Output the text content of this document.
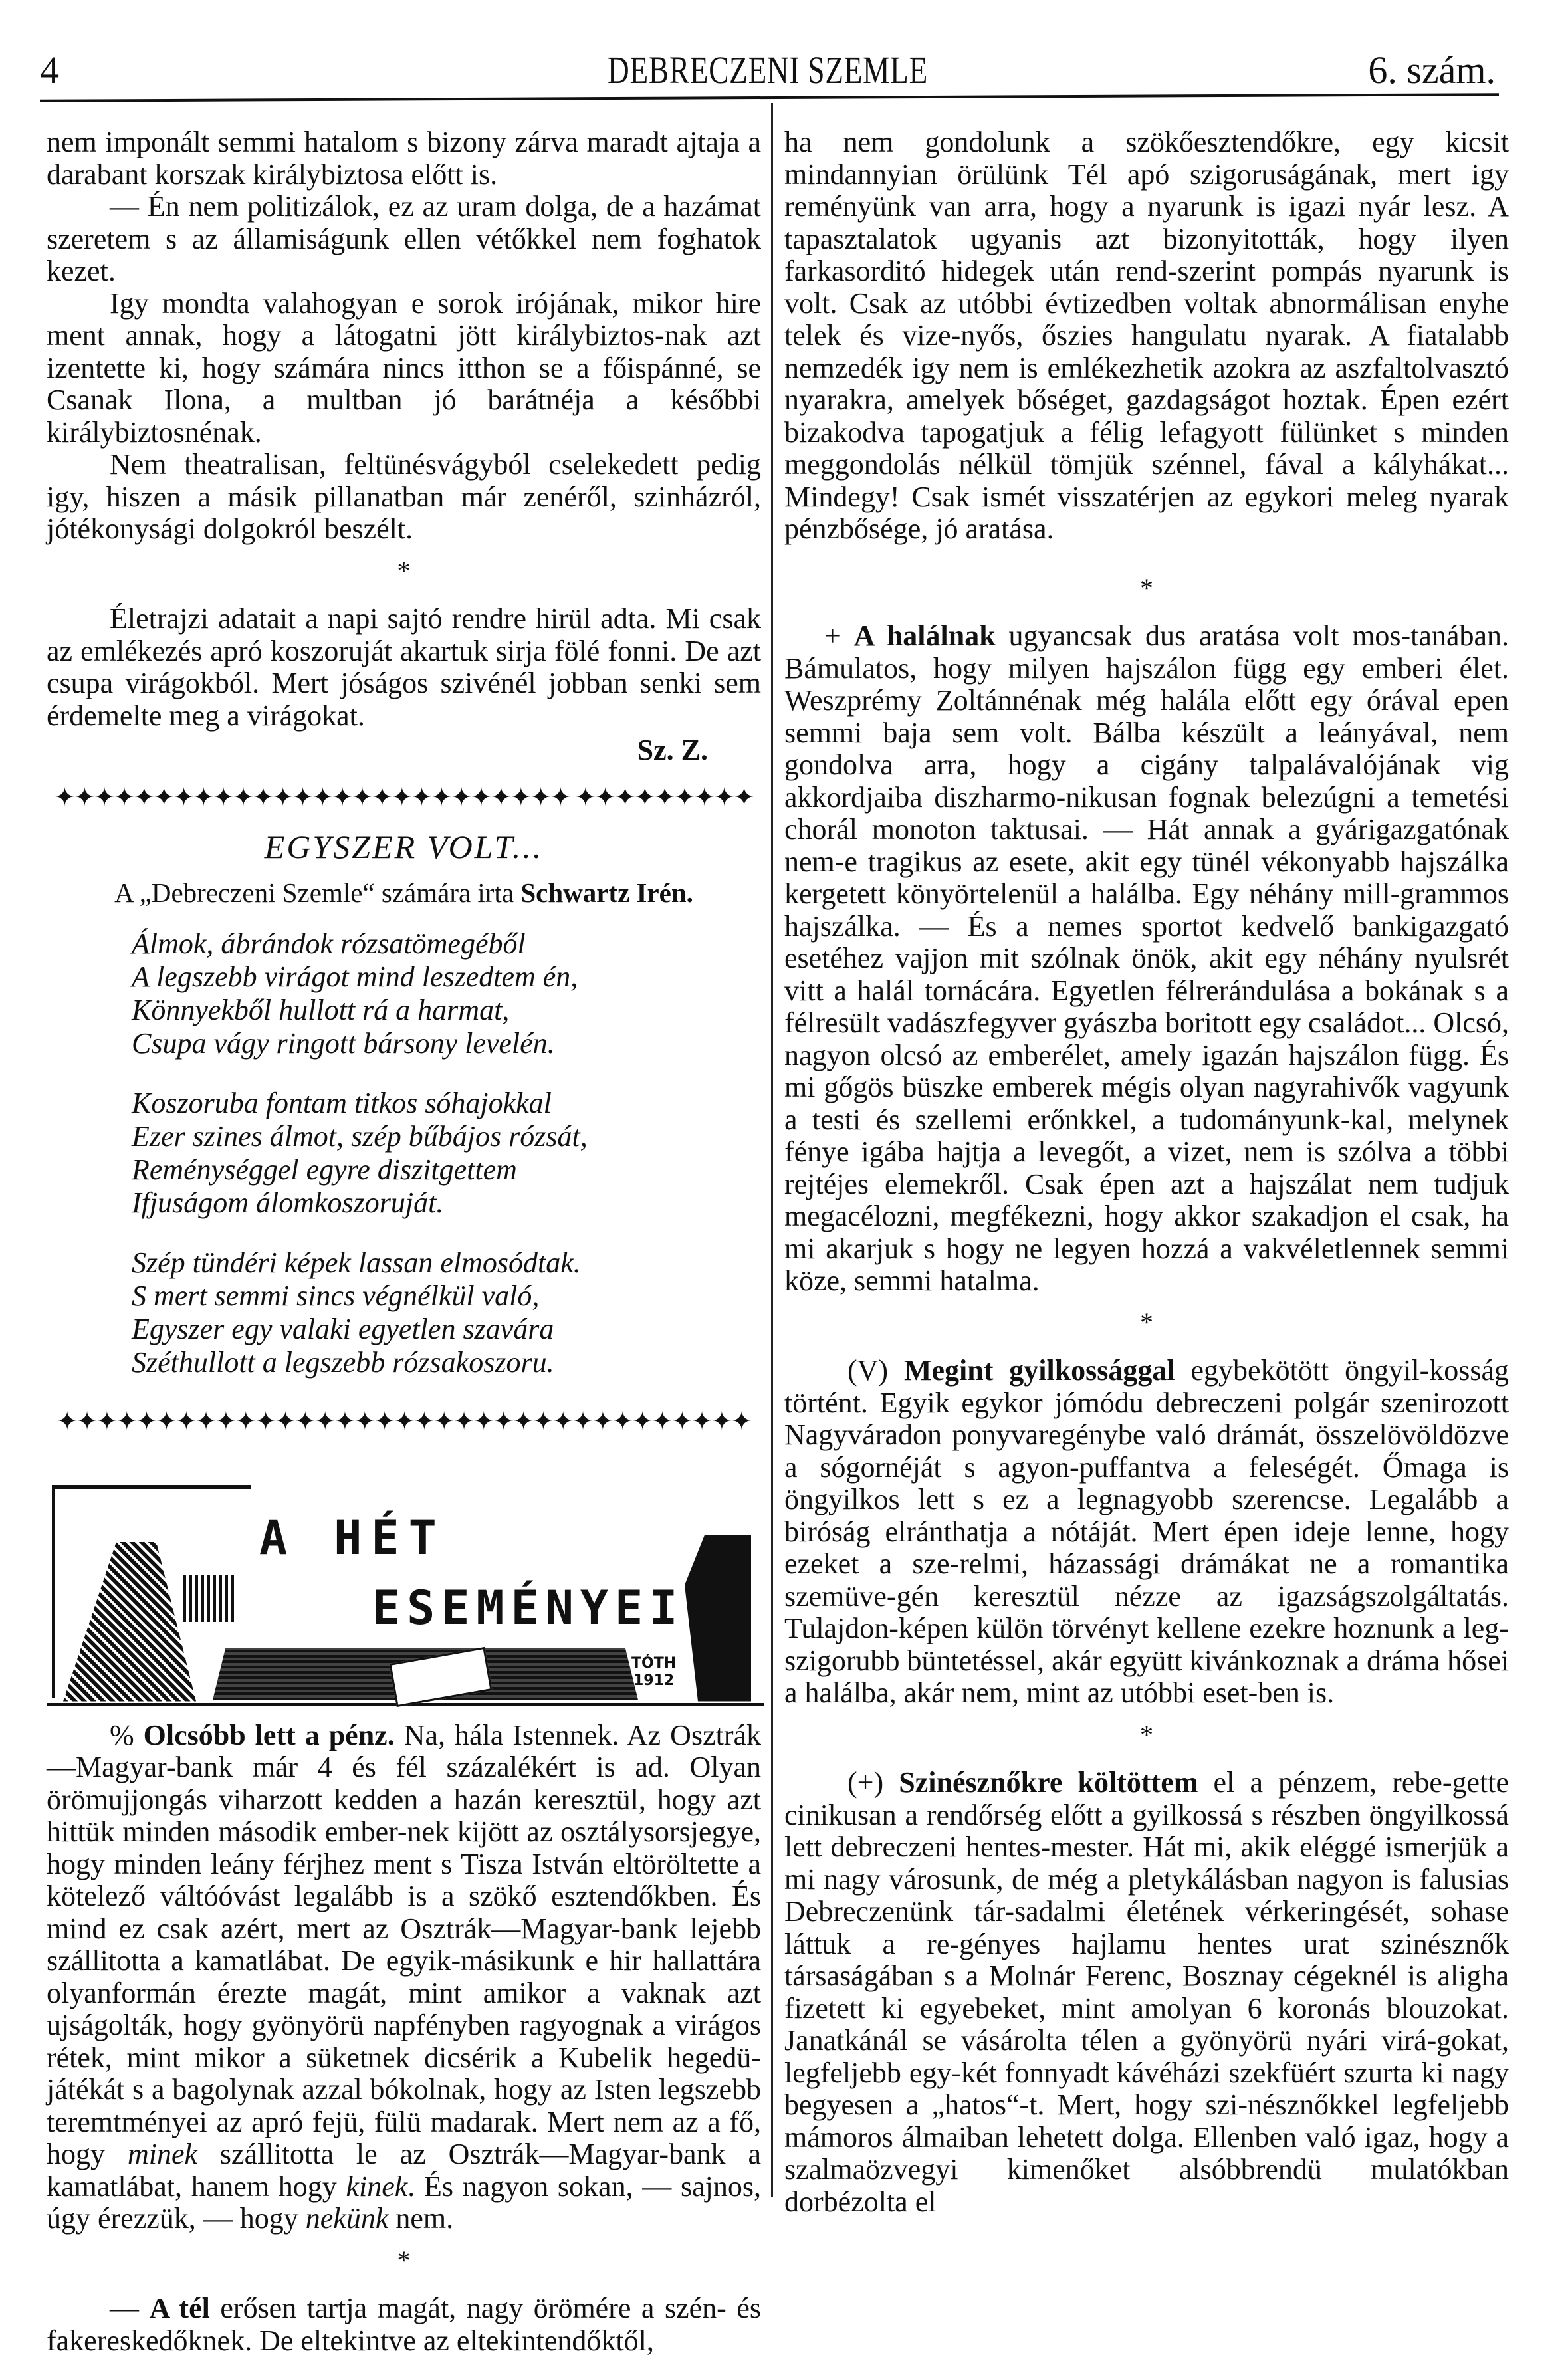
4	DEBRECZENI SZEMLE	6. szám.

nem imponált semmi hatalom s bizony zárva maradt ajtaja a darabant korszak királybiztosa előtt is.

— Én nem politizálok, ez az uram dolga, de a hazámat szeretem s az államiságunk ellen vétőkkel nem foghatok kezet.

Igy mondta valahogyan e sorok irójának, mikor hire ment annak, hogy a látogatni jött királybiztos-nak azt izentette ki, hogy számára nincs itthon se a főispánné, se Csanak Ilona, a multban jó barátnéja a későbbi királybiztosnénak.

Nem theatralisan, feltünésvágyból cselekedett pedig igy, hiszen a másik pillanatban már zenéről, szinházról, jótékonysági dolgokról beszélt.

*

Életrajzi adatait a napi sajtó rendre hirül adta. Mi csak az emlékezés apró koszoruját akartuk sirja fölé fonni. De azt csupa virágokból. Mert jóságos szivénél jobban senki sem érdemelte meg a virágokat.

Sz. Z.
✦✦✦✦✦✦✦✦✦✦✦✦✦✦✦✦✦✦✦✦✦✦✦✦✦✦ ✦✦✦✦✦✦✦✦✦
EGYSZER VOLT...
A „Debreczeni Szemle“ számára irta Schwartz Irén.
Álmok, ábrándok rózsatömegéből
A legszebb virágot mind leszedtem én,
Könnyekből hullott rá a harmat,
Csupa vágy ringott bársony levelén.
Koszoruba fontam titkos sóhajokkal
Ezer szines álmot, szép bűbájos rózsát,
Reménységgel egyre diszitgettem
Ifjuságom álomkoszoruját.
Szép tündéri képek lassan elmosódtak.
S mert semmi sincs végnélkül való,
Egyszer egy valaki egyetlen szavára
Széthullott a legszebb rózsakoszoru.
✦✦✦✦✦✦✦✦✦✦✦✦✦✦✦✦✦✦✦✦✦✦✦✦✦✦✦✦✦✦✦✦✦✦✦
A HÉT
ESEMÉNYEI
TÓTH
1912

% Olcsóbb lett a pénz. Na, hála Istennek. Az Osztrák—Magyar-bank már 4 és fél százalékért is ad. Olyan örömujjongás viharzott kedden a hazán keresztül, hogy azt hittük minden második ember-nek kijött az osztálysorsjegye, hogy minden leány férjhez ment s Tisza István eltöröltette a kötelező váltóóvást legalább is a szökő esztendőkben. És mind ez csak azért, mert az Osztrák—Magyar-bank lejebb szállitotta a kamatlábat. De egyik-másikunk e hir hallattára olyanformán érezte magát, mint amikor a vaknak azt ujságolták, hogy gyönyörü napfényben ragyognak a virágos rétek, mint mikor a süketnek dicsérik a Kubelik hegedü-játékát s a bagolynak azzal bókolnak, hogy az Isten legszebb teremtményei az apró fejü, fülü madarak. Mert nem az a fő, hogy minek szállitotta le az Osztrák—Magyar-bank a kamatlábat, hanem hogy kinek. És nagyon sokan, — sajnos, úgy érezzük, — hogy nekünk nem.

*

— A tél erősen tartja magát, nagy örömére a szén- és fakereskedőknek. De eltekintve az eltekintendőktől,

ha nem gondolunk a szökőesztendőkre, egy kicsit mindannyian örülünk Tél apó szigoruságának, mert igy reményünk van arra, hogy a nyarunk is igazi nyár lesz. A tapasztalatok ugyanis azt bizonyitották, hogy ilyen farkasorditó hidegek után rend-szerint pompás nyarunk is volt. Csak az utóbbi évtizedben voltak abnormálisan enyhe telek és vize-nyős, őszies hangulatu nyarak. A fiatalabb nemzedék igy nem is emlékezhetik azokra az aszfaltolvasztó nyarakra, amelyek bőséget, gazdagságot hoztak. Épen ezért bizakodva tapogatjuk a félig lefagyott fülünket s minden meggondolás nélkül tömjük szénnel, fával a kályhákat... Mindegy! Csak ismét visszatérjen az egykori meleg nyarak pénzbősége, jó aratása.

*

+ A halálnak ugyancsak dus aratása volt mos-tanában. Bámulatos, hogy milyen hajszálon függ egy emberi élet. Weszprémy Zoltánnénak még halála előtt egy órával epen semmi baja sem volt. Bálba készült a leányával, nem gondolva arra, hogy a cigány talpalávalójának vig akkordjaiba diszharmo-nikusan fognak belezúgni a temetési chorál monoton taktusai. — Hát annak a gyárigazgatónak nem-e tragikus az esete, akit egy tünél vékonyabb hajszálka kergetett könyörtelenül a halálba. Egy néhány mill-grammos hajszálka. — És a nemes sportot kedvelő bankigazgató esetéhez vajjon mit szólnak önök, akit egy néhány nyulsrét vitt a halál tornácára. Egyetlen félrerándulása a bokának s a félresült vadászfegyver gyászba boritott egy családot... Olcsó, nagyon olcsó az emberélet, amely igazán hajszálon függ. És mi gőgös büszke emberek mégis olyan nagyrahivők vagyunk a testi és szellemi erőnkkel, a tudományunk-kal, melynek fénye igába hajtja a levegőt, a vizet, nem is szólva a többi rejtéjes elemekről. Csak épen azt a hajszálat nem tudjuk megacélozni, megfékezni, hogy akkor szakadjon el csak, ha mi akarjuk s hogy ne legyen hozzá a vakvéletlennek semmi köze, semmi hatalma.

*

(V) Megint gyilkossággal egybekötött öngyil-kosság történt. Egyik egykor jómódu debreczeni polgár szenirozott Nagyváradon ponyvaregénybe való drámát, összelövöldözve a sógornéját s agyon-puffantva a feleségét. Őmaga is öngyilkos lett s ez a legnagyobb szerencse. Legalább a biróság elránthatja a nótáját. Mert épen ideje lenne, hogy ezeket a sze-relmi, házassági drámákat ne a romantika szemüve-gén keresztül nézze az igazságszolgáltatás. Tulajdon-képen külön törvényt kellene ezekre hoznunk a leg-szigorubb büntetéssel, akár együtt kivánkoznak a dráma hősei a halálba, akár nem, mint az utóbbi eset-ben is.

*

(+) Szinésznőkre költöttem el a pénzem, rebe-gette cinikusan a rendőrség előtt a gyilkossá s részben öngyilkossá lett debreczeni hentes-mester. Hát mi, akik eléggé ismerjük a mi nagy városunk, de még a pletykálásban nagyon is falusias Debreczenünk tár-sadalmi életének vérkeringését, sohase láttuk a re-gényes hajlamu hentes urat szinésznők társaságában s a Molnár Ferenc, Bosznay cégeknél is aligha fizetett ki egyebeket, mint amolyan 6 koronás blouzokat. Janatkánál se vásárolta télen a gyönyörü nyári virá-gokat, legfeljebb egy-két fonnyadt kávéházi szekfüért szurta ki nagy begyesen a „hatos“-t. Mert, hogy szi-nésznőkkel legfeljebb mámoros álmaiban lehetett dolga. Ellenben való igaz, hogy a szalmaözvegyi kimenőket alsóbbrendü mulatókban dorbézolta el
